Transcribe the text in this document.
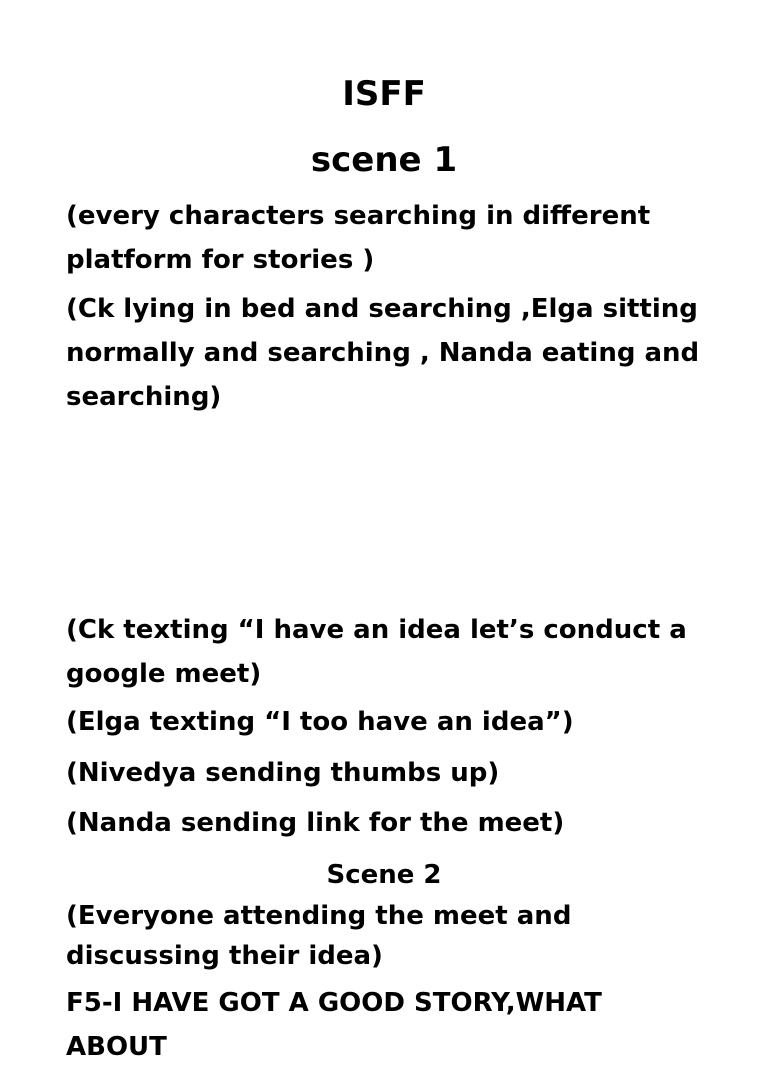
ISFF
scene 1
(every characters searching in different platform for stories )
(Ck lying in bed and searching ,Elga sitting normally and searching , Nanda eating and searching)
(Ck texting “I have an idea let’s conduct a google meet)
(Elga texting “I too have an idea”)
(Nivedya sending thumbs up)
(Nanda sending link for the meet)
Scene 2
(Everyone attending the meet and discussing their idea)
F5-I HAVE GOT A GOOD STORY,WHAT ABOUT
